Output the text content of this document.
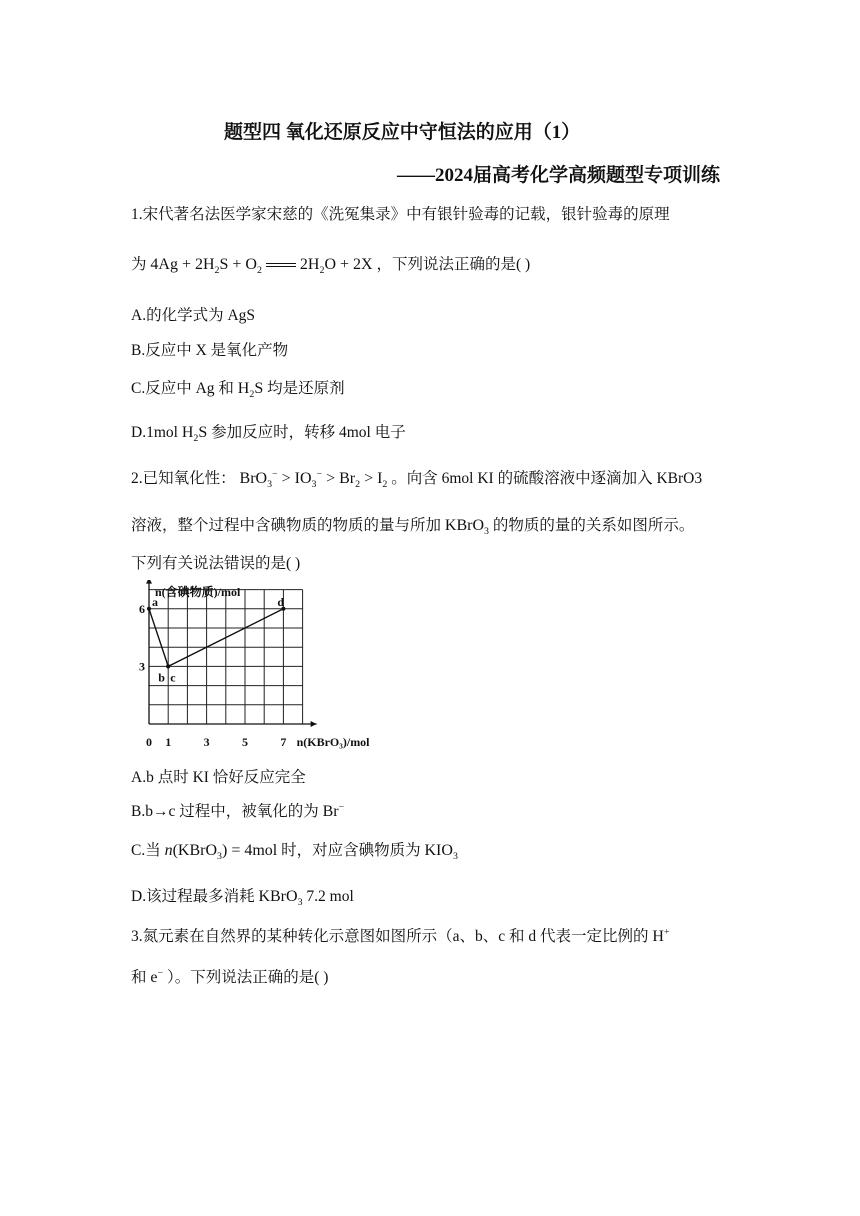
题型四 氧化还原反应中守恒法的应用（1）
——2024届高考化学高频题型专项训练
1.宋代著名法医学家宋慈的《洗冤集录》中有银针验毒的记载，银针验毒的原理
为 $4Ag + 2H_2S + O_2$  $2H_2O + 2X$ ，下列说法正确的是( )
A.的化学式为 AgS
B.反应中 X 是氧化产物
C.反应中 Ag 和 $H_2S$ 均是还原剂
D.1mol $H_2S$ 参加反应时，转移 4mol 电子
2.已知氧化性： $BrO_3^- > IO_3^- > Br_2 > I_2$ 。向含 6mol KI 的硫酸溶液中逐滴加入 KBrO3
溶液，整个过程中含碘物质的物质的量与所加 KBrO$_3$ 的物质的量的关系如图所示。
下列有关说法错误的是( )
a
b c
d
0 1	3	5	7
3
6
n(含碘物质)/mol
n(KBrO₃)/mol
A.b 点时 KI 恰好反应完全
B.b→c 过程中，被氧化的为 Br−
C.当 n(KBrO$_3$) = 4mol 时，对应含碘物质为 $KIO_3$
D.该过程最多消耗 KBrO$_3$ 7.2 mol
3.氮元素在自然界的某种转化示意图如图所示（a、b、c 和 d 代表一定比例的 H+
和 e− ）。下列说法正确的是( )
